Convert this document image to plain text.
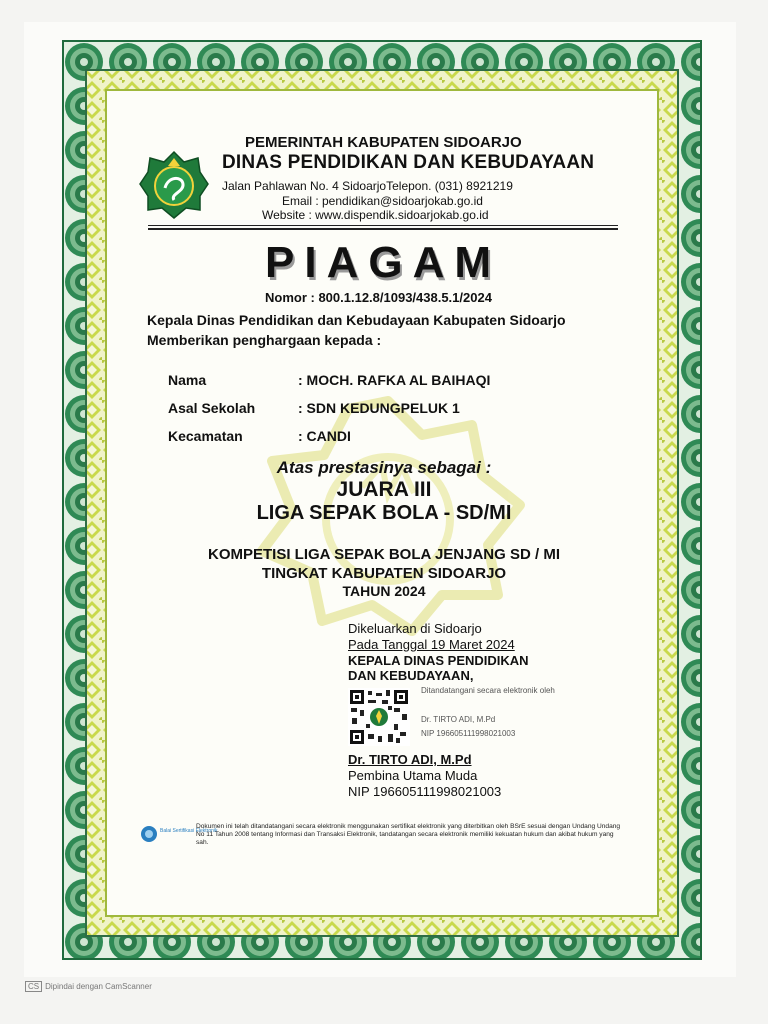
PEMERINTAH KABUPATEN SIDOARJO
DINAS PENDIDIKAN DAN KEBUDAYAAN
Jalan Pahlawan No. 4 SidoarjoTelepon. (031) 8921219
Email : pendidikan@sidoarjokab.go.id
Website : www.dispendik.sidoarjokab.go.id
PIAGAM
Nomor : 800.1.12.8/1093/438.5.1/2024
Kepala Dinas Pendidikan dan Kebudayaan Kabupaten Sidoarjo
Memberikan penghargaan kepada :
Nama	: MOCH. RAFKA AL BAIHAQI
Asal Sekolah	: SDN KEDUNGPELUK 1
Kecamatan	: CANDI
Atas prestasinya sebagai :
JUARA III
LIGA SEPAK BOLA - SD/MI
KOMPETISI LIGA SEPAK BOLA JENJANG SD / MI
TINGKAT KABUPATEN SIDOARJO
TAHUN 2024
Dikeluarkan di Sidoarjo
Pada Tanggal 19 Maret 2024
KEPALA DINAS PENDIDIKAN
DAN KEBUDAYAAN,
Ditandatangani secara elektronik oleh
Dr. TIRTO ADI, M.Pd
NIP 196605111998021003
Dr. TIRTO ADI, M.Pd
Pembina Utama Muda
NIP 196605111998021003
Balai Sertifikasi Elektronik
Dokumen ini telah ditandatangani secara elektronik menggunakan sertifikat elektronik yang diterbitkan oleh BSrE sesuai dengan Undang Undang No 11 Tahun 2008 tentang Informasi dan Transaksi Elektronik, tandatangan secara elektronik memiliki kekuatan hukum dan akibat hukum yang sah.
CS Dipindai dengan CamScanner
